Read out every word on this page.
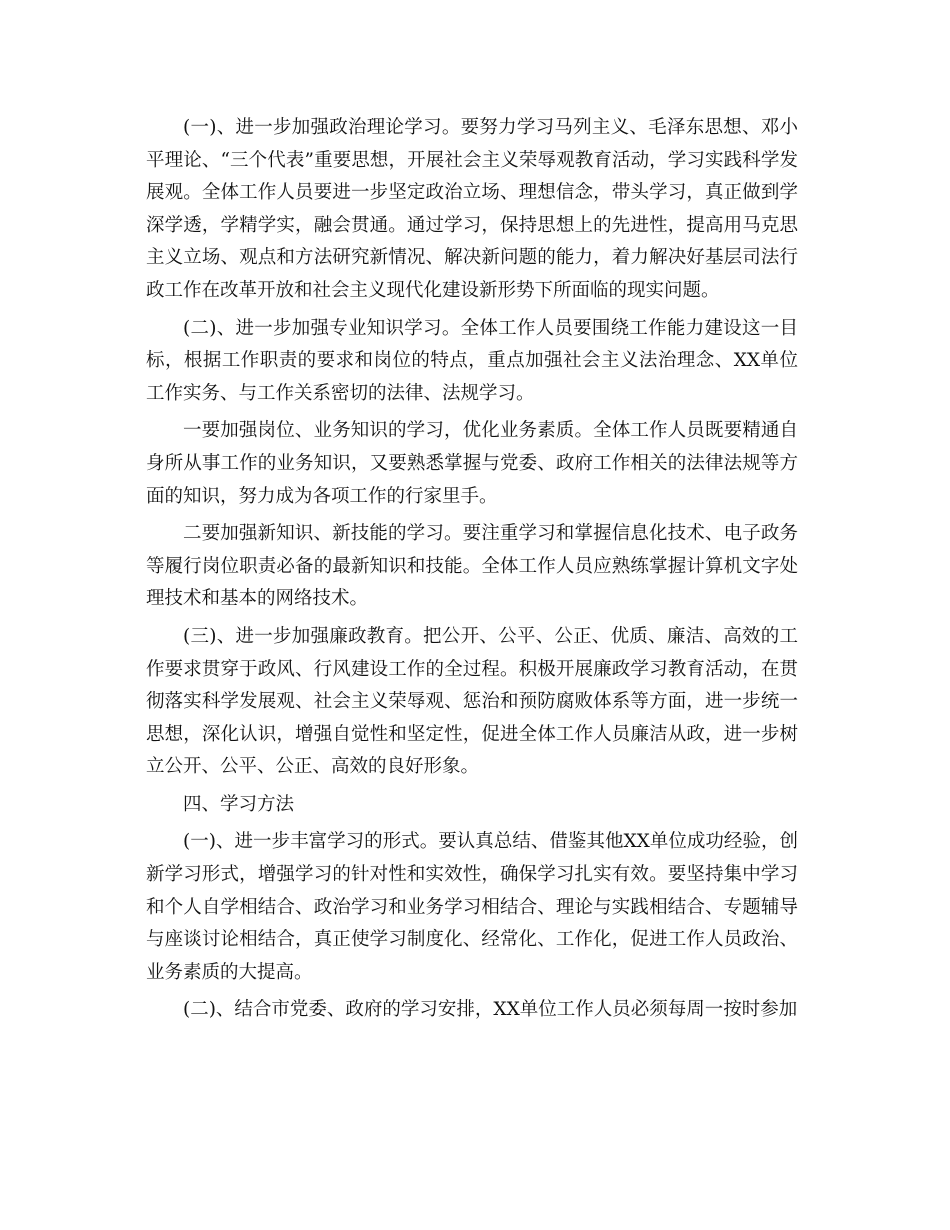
(一)、进一步加强政治理论学习。要努力学习马列主义、毛泽东思想、邓小平理论、“三个代表”重要思想，开展社会主义荣辱观教育活动，学习实践科学发展观。全体工作人员要进一步坚定政治立场、理想信念，带头学习，真正做到学深学透，学精学实，融会贯通。通过学习，保持思想上的先进性，提高用马克思主义立场、观点和方法研究新情况、解决新问题的能力，着力解决好基层司法行政工作在改革开放和社会主义现代化建设新形势下所面临的现实问题。

(二)、进一步加强专业知识学习。全体工作人员要围绕工作能力建设这一目标，根据工作职责的要求和岗位的特点，重点加强社会主义法治理念、XX单位工作实务、与工作关系密切的法律、法规学习。

一要加强岗位、业务知识的学习，优化业务素质。全体工作人员既要精通自身所从事工作的业务知识，又要熟悉掌握与党委、政府工作相关的法律法规等方面的知识，努力成为各项工作的行家里手。

二要加强新知识、新技能的学习。要注重学习和掌握信息化技术、电子政务等履行岗位职责必备的最新知识和技能。全体工作人员应熟练掌握计算机文字处理技术和基本的网络技术。

(三)、进一步加强廉政教育。把公开、公平、公正、优质、廉洁、高效的工作要求贯穿于政风、行风建设工作的全过程。积极开展廉政学习教育活动，在贯彻落实科学发展观、社会主义荣辱观、惩治和预防腐败体系等方面，进一步统一思想，深化认识，增强自觉性和坚定性，促进全体工作人员廉洁从政，进一步树立公开、公平、公正、高效的良好形象。

四、学习方法

(一)、进一步丰富学习的形式。要认真总结、借鉴其他XX单位成功经验，创新学习形式，增强学习的针对性和实效性，确保学习扎实有效。要坚持集中学习和个人自学相结合、政治学习和业务学习相结合、理论与实践相结合、专题辅导与座谈讨论相结合，真正使学习制度化、经常化、工作化，促进工作人员政治、业务素质的大提高。

(二)、结合市党委、政府的学习安排，XX单位工作人员必须每周一按时参加
